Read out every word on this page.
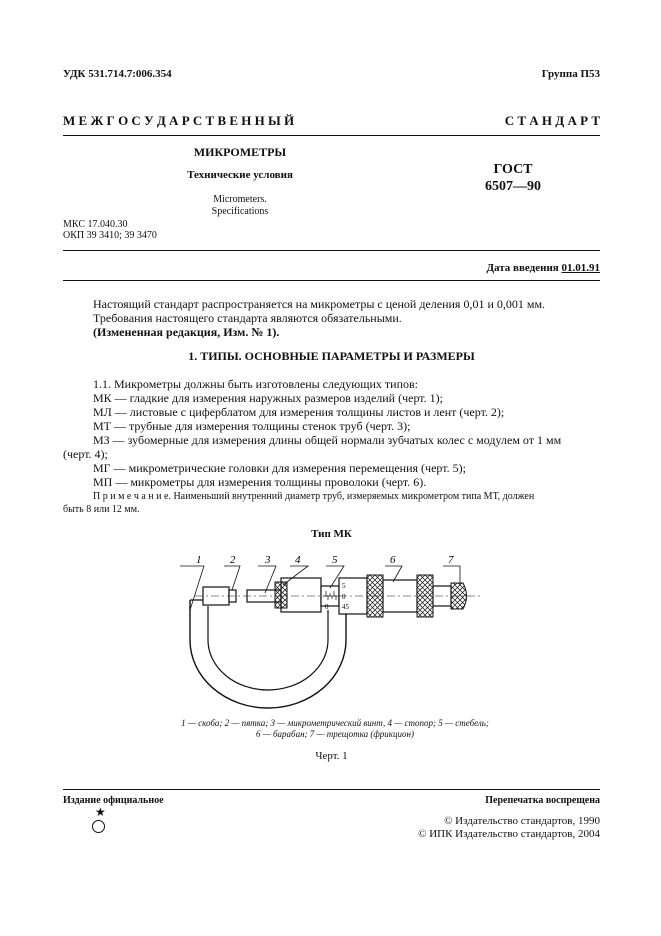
УДК 531.714.7:006.354	Группа П53
М Е Ж Г О С У Д А Р С Т В Е Н Н Ы Й	С Т А Н Д А Р Т
МИКРОМЕТРЫ
Технические условия
Micrometers.
Specifications
ГОСТ
6507—90
МКС 17.040.30
ОКП 39 3410; 39 3470
Дата введения 01.01.91
Настоящий стандарт распространяется на микрометры с ценой деления 0,01 и 0,001 мм.
Требования настоящего стандарта являются обязательными.
(Измененная редакция, Изм. № 1).
1. ТИПЫ. ОСНОВНЫЕ ПАРАМЕТРЫ И РАЗМЕРЫ
1.1. Микрометры должны быть изготовлены следующих типов:
МК — гладкие для измерения наружных размеров изделий (черт. 1);
МЛ — листовые с циферблатом для измерения толщины листов и лент (черт. 2);
МТ — трубные для измерения толщины стенок труб (черт. 3);
МЗ — зубомерные для измерения длины общей нормали зубчатых колес с модулем от 1 мм
(черт. 4);
МГ — микрометрические головки для измерения перемещения (черт. 5);
МП — микрометры для измерения толщины проволоки (черт. 6).
П р и м е ч а н и е. Наименьший внутренний диаметр труб, измеряемых микрометром типа МТ, должен
быть 8 или 12 мм.
Тип МК
5
0
0 45
1	2	3 4	5	6	7
1 — скоба; 2 — пятка; 3 — микрометрический винт, 4 — стопор; 5 — стебель;
6 — барабан; 7 — трещотка (фрикцион)
Черт. 1
Издание официальное	Перепечатка воспрещена
★
© Издательство стандартов, 1990
© ИПК Издательство стандартов, 2004
